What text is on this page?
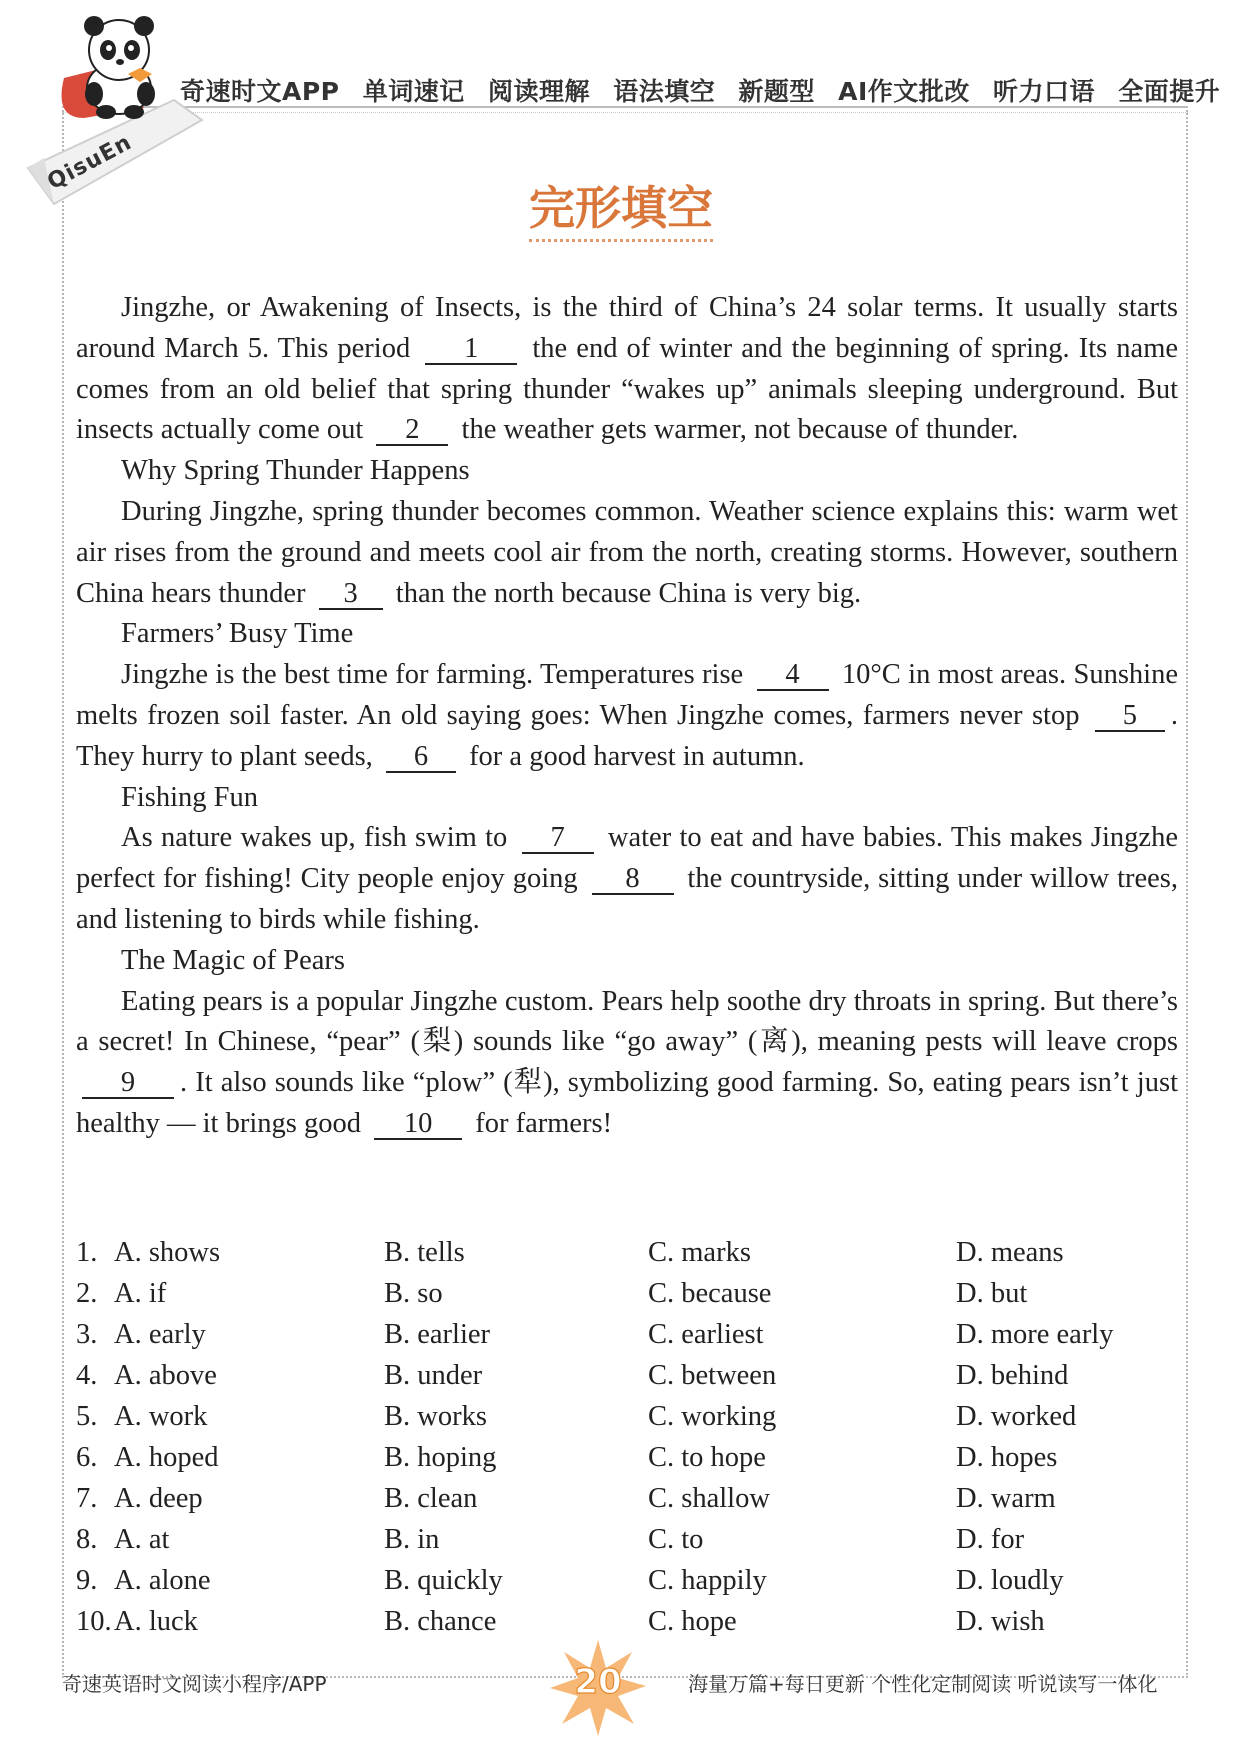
QisuEn
奇速时文APP 单词速记 阅读理解 语法填空 新题型 AI作文批改 听力口语 全面提升
完形填空

Jingzhe, or Awakening of Insects, is the third of China’s 24 solar terms. It usually starts around March 5. This period 1 the end of winter and the beginning of spring. Its name comes from an old belief that spring thunder “wakes up” animals sleeping underground. But insects actually come out 2 the weather gets warmer, not because of thunder.

Why Spring Thunder Happens

During Jingzhe, spring thunder becomes common. Weather science explains this: warm wet air rises from the ground and meets cool air from the north, creating storms. However, southern China hears thunder 3 than the north because China is very big.

Farmers’ Busy Time

Jingzhe is the best time for farming. Temperatures rise 4 10°C in most areas. Sunshine melts frozen soil faster. An old saying goes: When Jingzhe comes, farmers never stop 5 . They hurry to plant seeds, 6 for a good harvest in autumn.

Fishing Fun

As nature wakes up, fish swim to 7 water to eat and have babies. This makes Jingzhe perfect for fishing! City people enjoy going 8 the countryside, sitting under willow trees, and listening to birds while fishing.

The Magic of Pears

Eating pears is a popular Jingzhe custom. Pears help soothe dry throats in spring. But there’s a secret! In Chinese, “pear” (梨) sounds like “go away” (离), meaning pests will leave crops 9 . It also sounds like “plow” (犁), symbolizing good farming. So, eating pears isn’t just healthy — it brings good 10 for farmers!

1. A. shows	B. tells	C. marks	D. means
2. A. if	B. so	C. because	D. but
3. A. early	B. earlier	C. earliest	D. more early
4. A. above	B. under	C. between	D. behind
5. A. work	B. works	C. working	D. worked
6. A. hoped	B. hoping	C. to hope	D. hopes
7. A. deep	B. clean	C. shallow	D. warm
8. A. at	B. in	C. to	D. for
9. A. alone	B. quickly	C. happily	D. loudly
10. A. luck	B. chance	C. hope	D. wish
奇速英语时文阅读小程序/APP	20	海量万篇+每日更新 个性化定制阅读 听说读写一体化
